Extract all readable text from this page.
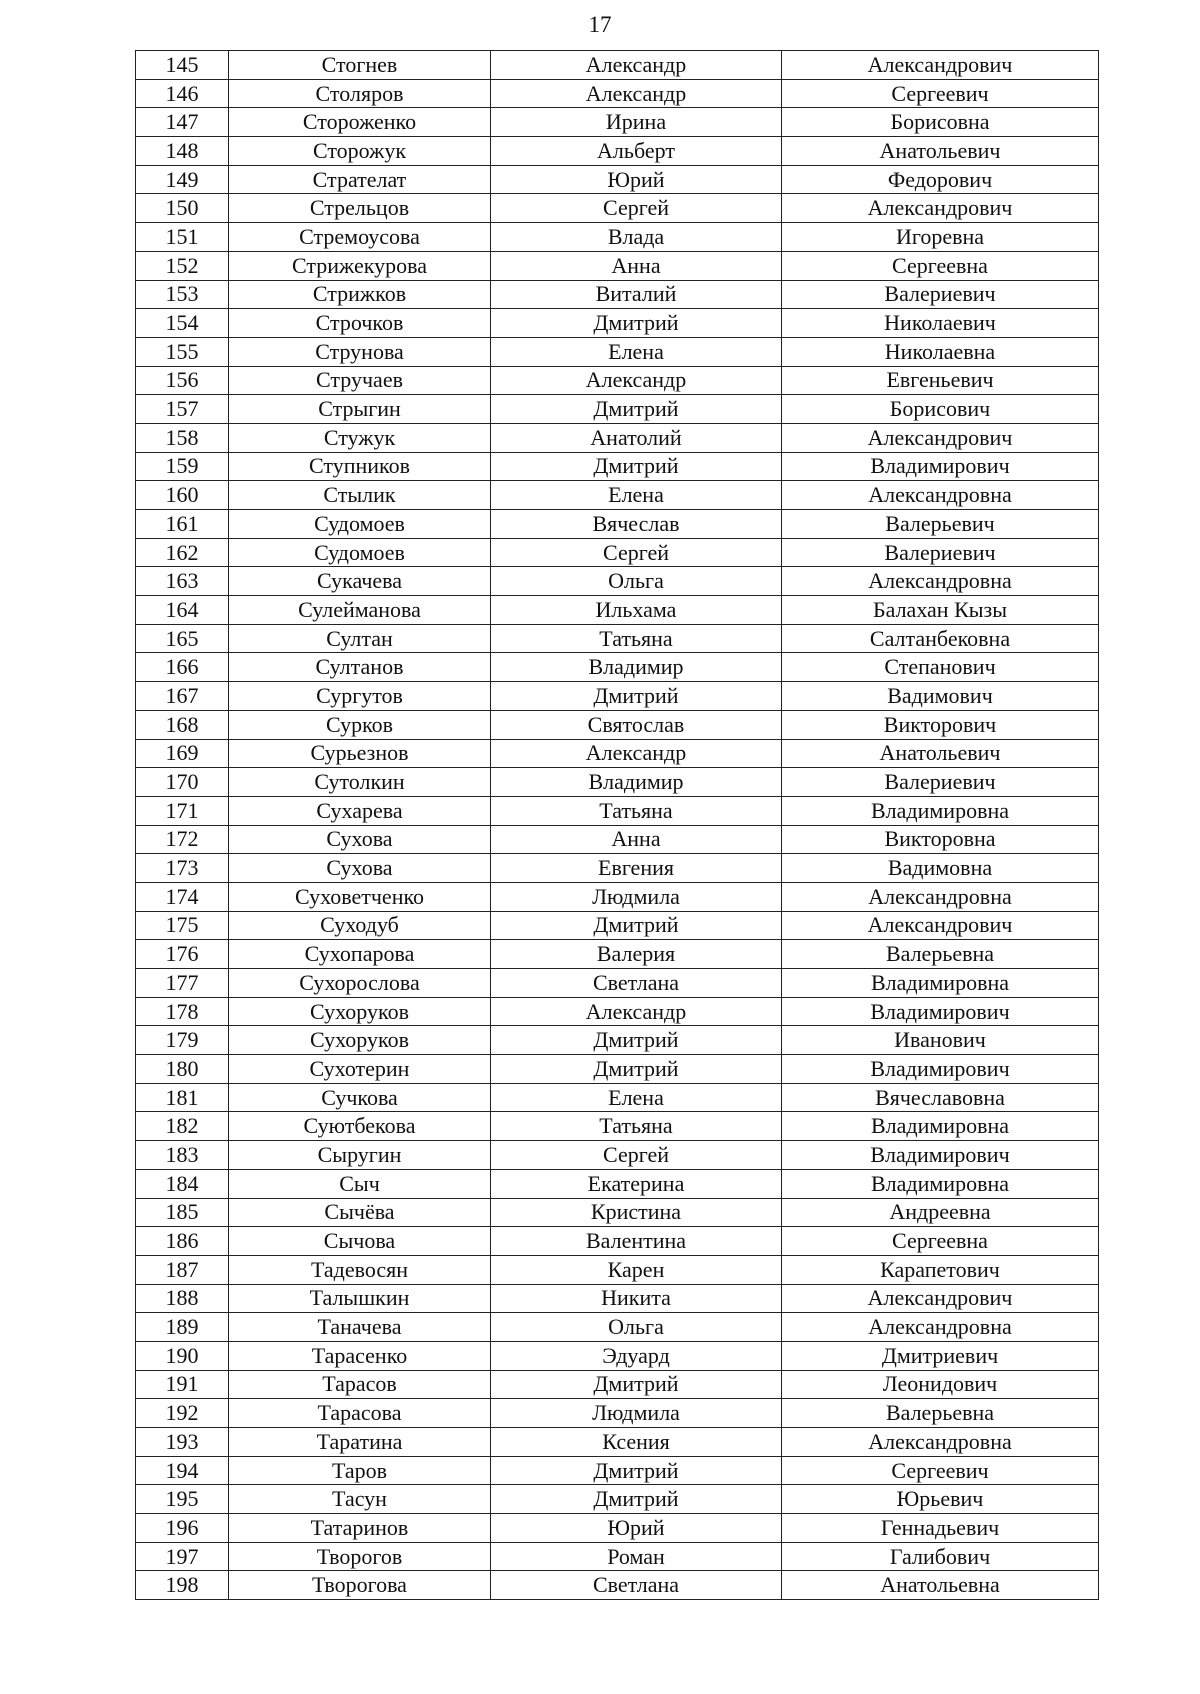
17
145	Стогнев	Александр	Александрович
146	Столяров	Александр	Сергеевич
147	Стороженко	Ирина	Борисовна
148	Сторожук	Альберт	Анатольевич
149	Стрателат	Юрий	Федорович
150	Стрельцов	Сергей	Александрович
151	Стремоусова	Влада	Игоревна
152	Стрижекурова	Анна	Сергеевна
153	Стрижков	Виталий	Валериевич
154	Строчков	Дмитрий	Николаевич
155	Струнова	Елена	Николаевна
156	Стручаев	Александр	Евгеньевич
157	Стрыгин	Дмитрий	Борисович
158	Стужук	Анатолий	Александрович
159	Ступников	Дмитрий	Владимирович
160	Стылик	Елена	Александровна
161	Судомоев	Вячеслав	Валерьевич
162	Судомоев	Сергей	Валериевич
163	Сукачева	Ольга	Александровна
164	Сулейманова	Ильхама	Балахан Кызы
165	Султан	Татьяна	Салтанбековна
166	Султанов	Владимир	Степанович
167	Сургутов	Дмитрий	Вадимович
168	Сурков	Святослав	Викторович
169	Сурьезнов	Александр	Анатольевич
170	Сутолкин	Владимир	Валериевич
171	Сухарева	Татьяна	Владимировна
172	Сухова	Анна	Викторовна
173	Сухова	Евгения	Вадимовна
174	Суховетченко	Людмила	Александровна
175	Суходуб	Дмитрий	Александрович
176	Сухопарова	Валерия	Валерьевна
177	Сухорослова	Светлана	Владимировна
178	Сухоруков	Александр	Владимирович
179	Сухоруков	Дмитрий	Иванович
180	Сухотерин	Дмитрий	Владимирович
181	Сучкова	Елена	Вячеславовна
182	Суютбекова	Татьяна	Владимировна
183	Сыругин	Сергей	Владимирович
184	Сыч	Екатерина	Владимировна
185	Сычёва	Кристина	Андреевна
186	Сычова	Валентина	Сергеевна
187	Тадевосян	Карен	Карапетович
188	Талышкин	Никита	Александрович
189	Таначева	Ольга	Александровна
190	Тарасенко	Эдуард	Дмитриевич
191	Тарасов	Дмитрий	Леонидович
192	Тарасова	Людмила	Валерьевна
193	Таратина	Ксения	Александровна
194	Таров	Дмитрий	Сергеевич
195	Тасун	Дмитрий	Юрьевич
196	Татаринов	Юрий	Геннадьевич
197	Творогов	Роман	Галибович
198	Творогова	Светлана	Анатольевна
